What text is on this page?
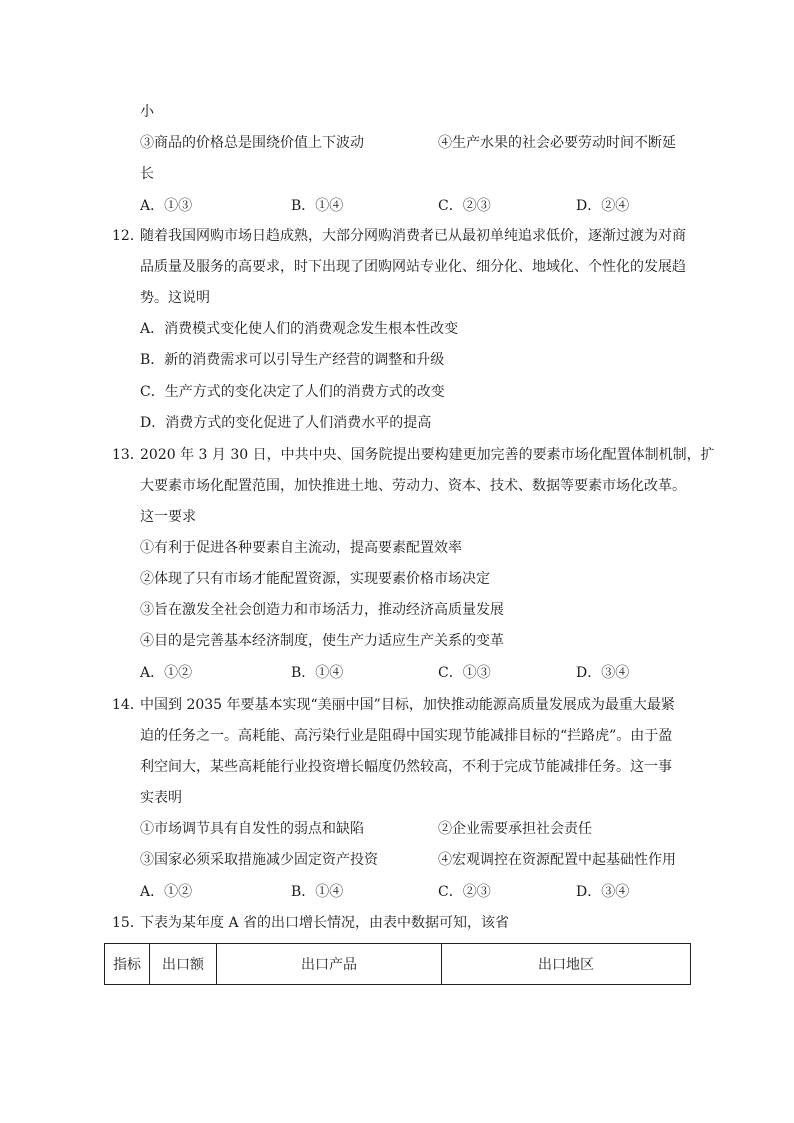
小
③商品的价格总是围绕价值上下波动	④生产水果的社会必要劳动时间不断延
长
A．①③	B．①④	C．②③	D．②④
12．
随着我国网购市场日趋成熟，大部分网购消费者已从最初单纯追求低价，逐渐过渡为对商
品质量及服务的高要求，时下出现了团购网站专业化、细分化、地域化、个性化的发展趋
势。这说明
A．消费模式变化使人们的消费观念发生根本性改变
B．新的消费需求可以引导生产经营的调整和升级
C．生产方式的变化决定了人们的消费方式的改变
D．消费方式的变化促进了人们消费水平的提高
13．
2020 年 3 月 30 日，中共中央、国务院提出要构建更加完善的要素市场化配置体制机制，扩
大要素市场化配置范围，加快推进土地、劳动力、资本、技术、数据等要素市场化改革。
这一要求
①有利于促进各种要素自主流动，提高要素配置效率
②体现了只有市场才能配置资源，实现要素价格市场决定
③旨在激发全社会创造力和市场活力，推动经济高质量发展
④目的是完善基本经济制度，使生产力适应生产关系的变革
A．①②	B．①④	C．①③	D．③④
14．
中国到 2035 年要基本实现“美丽中国”目标，加快推动能源高质量发展成为最重大最紧
迫的任务之一。高耗能、高污染行业是阻碍中国实现节能减排目标的“拦路虎”。由于盈
利空间大，某些高耗能行业投资增长幅度仍然较高，不利于完成节能减排任务。这一事
实表明
①市场调节具有自发性的弱点和缺陷	②企业需要承担社会责任
③国家必须采取措施减少固定资产投资	④宏观调控在资源配置中起基础性作用
A．①②	B．①④	C．②③	D．③④
15．
下表为某年度 A 省的出口增长情况，由表中数据可知，该省
指标	出口额	出口产品	出口地区
